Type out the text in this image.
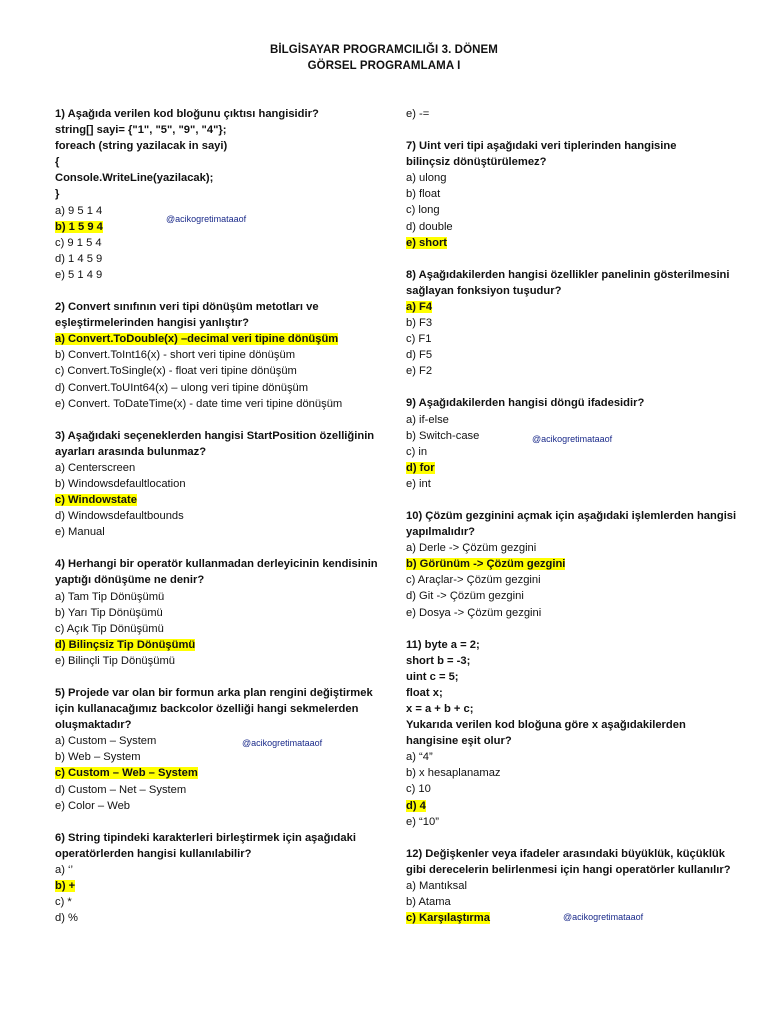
BİLGİSAYAR PROGRAMCILIĞI 3. DÖNEM
GÖRSEL PROGRAMLAMA I
1) Aşağıda verilen kod bloğunu çıktısı hangisidir?
string[] sayi= {"1", "5", "9", "4"};
foreach (string yazilacak in sayi)
{
Console.WriteLine(yazilacak);
}
a) 9 5 1 4
b) 1 5 9 4
c) 9 1 5 4
d) 1 4 5 9
e) 5 1 4 9
2) Convert sınıfının veri tipi dönüşüm metotları ve
eşleştirmelerinden hangisi yanlıştır?
a) Convert.ToDouble(x) –decimal veri tipine dönüşüm
b) Convert.ToInt16(x) - short veri tipine dönüşüm
c) Convert.ToSingle(x) - float veri tipine dönüşüm
d) Convert.ToUInt64(x) – ulong veri tipine dönüşüm
e) Convert. ToDateTime(x) - date time veri tipine dönüşüm
3) Aşağıdaki seçeneklerden hangisi StartPosition özelliğinin
ayarları arasında bulunmaz?
a) Centerscreen
b) Windowsdefaultlocation
c) Windowstate
d) Windowsdefaultbounds
e) Manual
4) Herhangi bir operatör kullanmadan derleyicinin kendisinin
yaptığı dönüşüme ne denir?
a) Tam Tip Dönüşümü
b) Yarı Tip Dönüşümü
c) Açık Tip Dönüşümü
d) Bilinçsiz Tip Dönüşümü
e) Bilinçli Tip Dönüşümü
5) Projede var olan bir formun arka plan rengini değiştirmek
için kullanacağımız backcolor özelliği hangi sekmelerden
oluşmaktadır?
a) Custom – System
b) Web – System
c) Custom – Web – System
d) Custom – Net – System
e) Color – Web
6) String tipindeki karakterleri birleştirmek için aşağıdaki
operatörlerden hangisi kullanılabilir?
a) ‘’
b) +
c) *
d) %
e) -=
7) Uint veri tipi aşağıdaki veri tiplerinden hangisine
bilinçsiz dönüştürülemez?
a) ulong
b) float
c) long
d) double
e) short
8) Aşağıdakilerden hangisi özellikler panelinin gösterilmesini
sağlayan fonksiyon tuşudur?
a) F4
b) F3
c) F1
d) F5
e) F2
9) Aşağıdakilerden hangisi döngü ifadesidir?
a) if-else
b) Switch-case
c) in
d) for
e) int
10) Çözüm gezginini açmak için aşağıdaki işlemlerden hangisi
yapılmalıdır?
a) Derle -> Çözüm gezgini
b) Görünüm -> Çözüm gezgini
c) Araçlar-> Çözüm gezgini
d) Git -> Çözüm gezgini
e) Dosya -> Çözüm gezgini
11) byte a = 2;
short b = -3;
uint c = 5;
float x;
x = a + b + c;
Yukarıda verilen kod bloğuna göre x aşağıdakilerden
hangisine eşit olur?
a) “4”
b) x hesaplanamaz
c) 10
d) 4
e) “10”
12) Değişkenler veya ifadeler arasındaki büyüklük, küçüklük
gibi derecelerin belirlenmesi için hangi operatörler kullanılır?
a) Mantıksal
b) Atama
c) Karşılaştırma
@acikogretimataaof
@acikogretimataaof
@acikogretimataaof
@acikogretimataaof
